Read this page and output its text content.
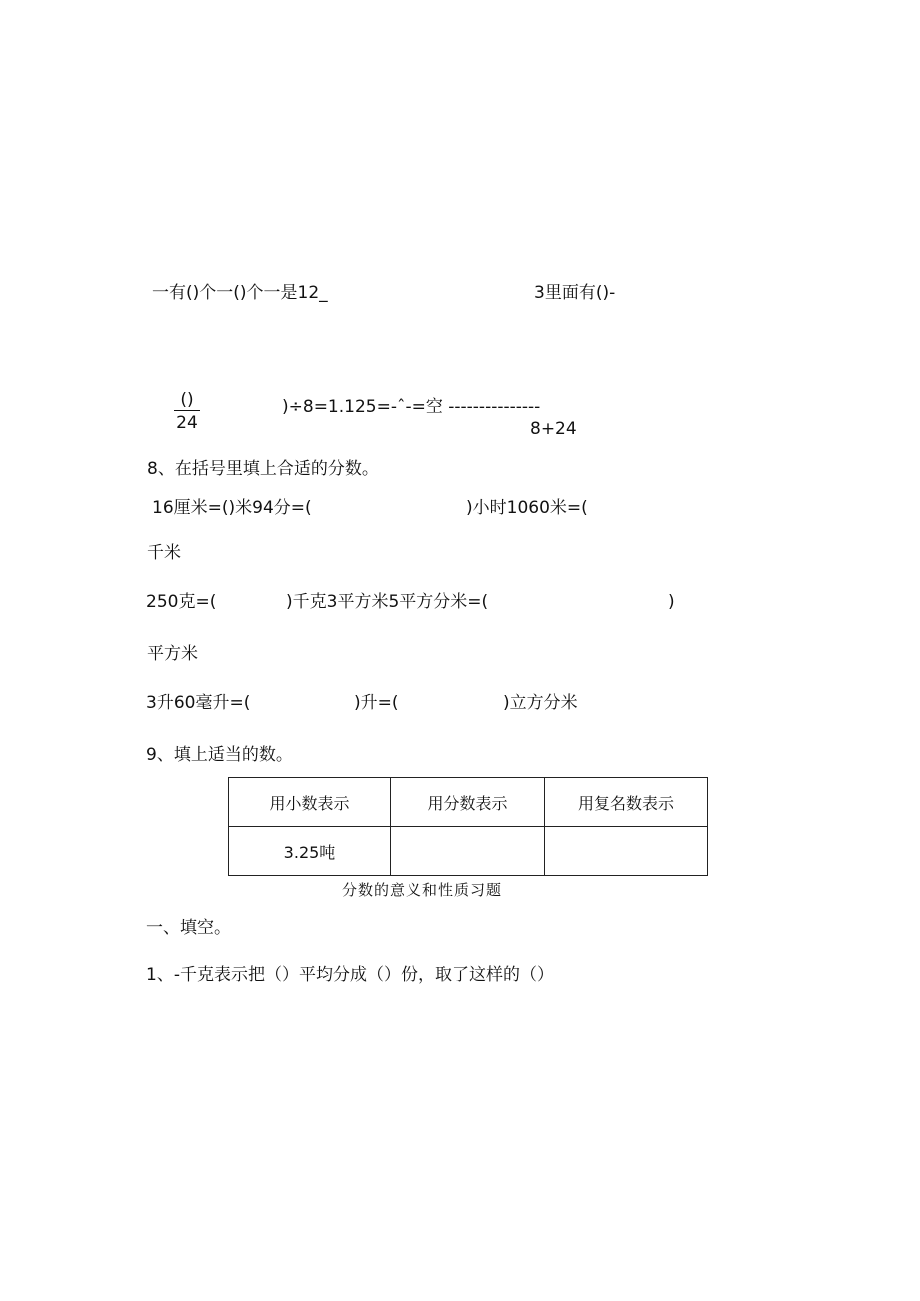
一有()个一()个一是12_	3里面有()-
()
24
)÷8=1.125=-ˆ-=空 ---------------
8+24
8、在括号里填上合适的分数。
16厘米=()米94分=(	)小时1060米=(
千米
250克=(	)千克3平方米5平方分米=(	)
平方米
3升60毫升=(	)升=(	)立方分米
9、填上适当的数。
用小数表示	用分数表示	用复名数表示
3.25吨		
分数的意义和性质习题
一、填空。
1、-千克表示把（）平均分成（）份，取了这样的（）
